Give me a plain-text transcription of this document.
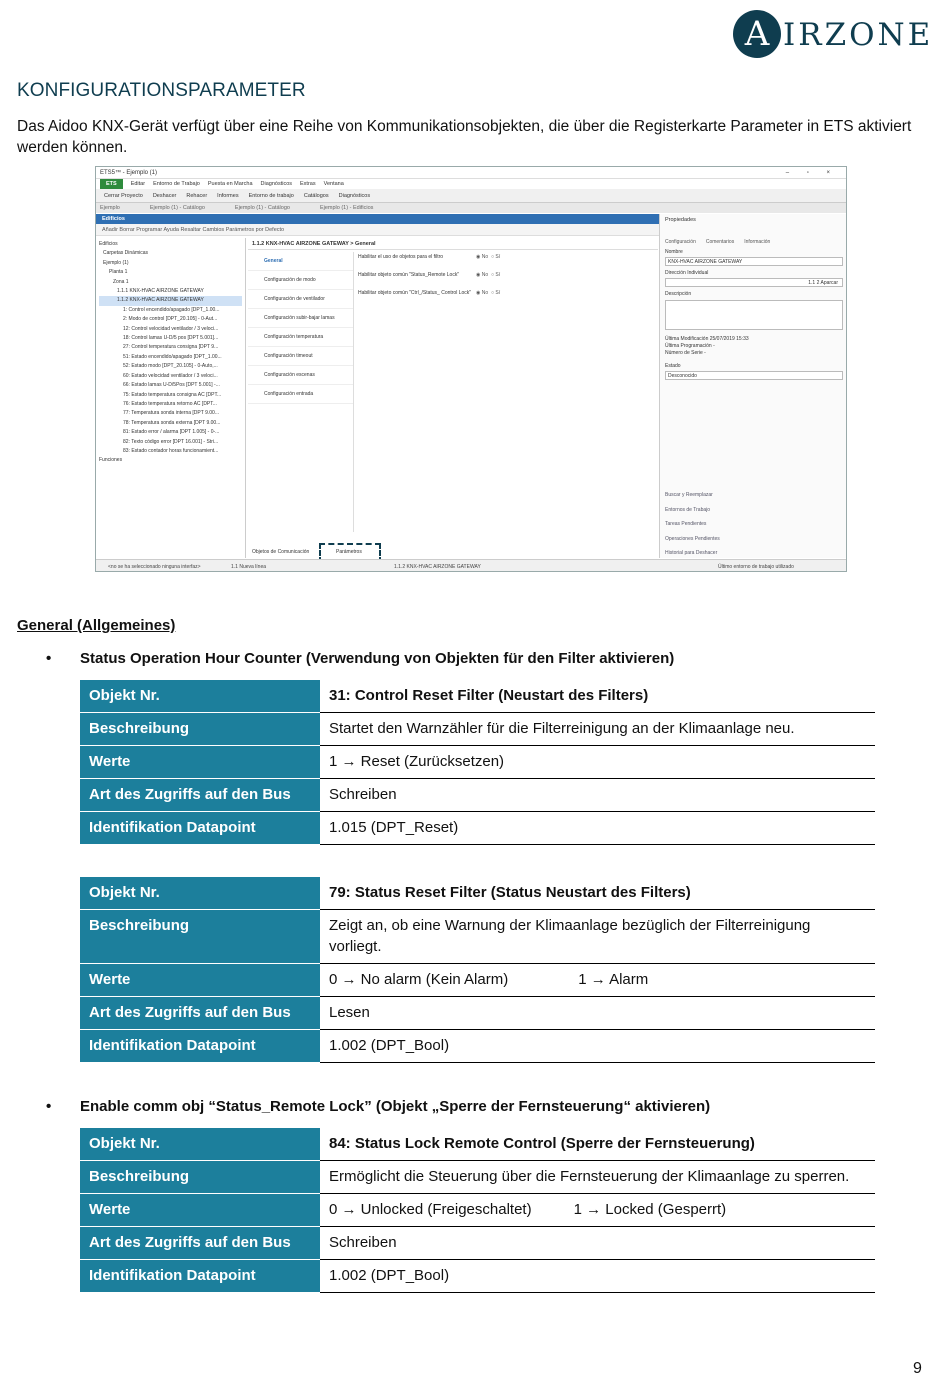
A IRZONE
KONFIGURATIONSPARAMETER
Das Aidoo KNX-Gerät verfügt über eine Reihe von Kommunikationsobjekten, die über die Registerkarte Parameter in ETS aktiviert werden können.
ETS5™ - Ejemplo (1)	– ▫ ×
ETS	Editar Entorno de Trabajo Puesta en Marcha Diagnósticos Extras Ventana
Cerrar Proyecto Deshacer Rehacer Informes Entorno de trabajo Catálogos Diagnósticos
Ejemplo	Ejemplo (1) - Catálogo	Ejemplo (1) - Catálogo	Ejemplo (1) - Edificios
Edificios
Añadir Borrar Programar Ayuda Resaltar Cambios Parámetros por Defecto
Edificios
Carpetas Dinámicas
Ejemplo (1)
Planta 1
Zona 1
1.1.1 KNX-HVAC AIRZONE GATEWAY
1.1.2 KNX-HVAC AIRZONE GATEWAY
1: Control encendido/apagado [DPT_1.00...
2: Modo de control [DPT_20.105] - 0-Aut...
12: Control velocidad ventilador / 3 veloci...
18: Control lamas U-D/5 pos [DPT 5.001]...
27: Control temperatura consigna [DPT 9...
51: Estado encendido/apagado [DPT_1.00...
52: Estado modo [DPT_20.105] - 0-Auto,...
60: Estado velocidad ventilador / 3 veloci...
66: Estado lamas U-D/5Pos [DPT 5.001] -...
75: Estado temperatura consigna AC [DPT...
76: Estado temperatura retorno AC [DPT...
77: Temperatura sonda interna [DPT 9.00...
78: Temperatura sonda externa [DPT 9.00...
81: Estado error / alarma [DPT 1.005] - 0-...
82: Texto código error [DPT 16.001] - Stri...
83: Estado contador horas funcionamient...
Funciones
1.1.2 KNX-HVAC AIRZONE GATEWAY > General
General
Configuración de modo
Configuración de ventilador
Configuración subir-bajar lamas
Configuración temperatura
Configuración timeout
Configuración escenas
Configuración entrada
Habilitar el uso de objetos para el filtro	◉ No  ○ Sí
Habilitar objeto común "Status_Remote Lock"	◉ No  ○ Sí
Habilitar objeto común "Ctrl_/Status_ Control Lock" ◉ No  ○ Sí
Objetos de Comunicación	Parámetros
Propiedades
Configuración Comentarios Información
Nombre
KNX-HVAC AIRZONE GATEWAY
Dirección Individual
1.1 2 Aparcar
Descripción
Última Modificación 25/07/2019 15:33
Última Programación -
Número de Serie -
Estado
Desconocido
Buscar y Reemplazar
Entornos de Trabajo
Tareas Pendientes
Operaciones Pendientes
Historial para Deshacer
<no se ha seleccionado ninguna interfaz>	1.1 Nueva línea	1.1.2 KNX-HVAC AIRZONE GATEWAY	Último entorno de trabajo utilizado
General (Allgemeines)
• Status Operation Hour Counter (Verwendung von Objekten für den Filter aktivieren)
Objekt Nr.	31: Control Reset Filter (Neustart des Filters)
Beschreibung	Startet den Warnzähler für die Filterreinigung an der Klimaanlage neu.
Werte	1 → Reset (Zurücksetzen)
Art des Zugriffs auf den Bus	Schreiben
Identifikation Datapoint	1.015 (DPT_Reset)
Objekt Nr.	79: Status Reset Filter (Status Neustart des Filters)
Beschreibung	Zeigt an, ob eine Warnung der Klimaanlage bezüglich der Filterreinigung vorliegt.
Werte	0 → No alarm (Kein Alarm) 1 → Alarm
Art des Zugriffs auf den Bus	Lesen
Identifikation Datapoint	1.002 (DPT_Bool)
• Enable comm obj “Status_Remote Lock” (Objekt „Sperre der Fernsteuerung“ aktivieren)
Objekt Nr.	84: Status Lock Remote Control (Sperre der Fernsteuerung)
Beschreibung	Ermöglicht die Steuerung über die Fernsteuerung der Klimaanlage zu sperren.
Werte	0 → Unlocked (Freigeschaltet) 1 → Locked (Gesperrt)
Art des Zugriffs auf den Bus	Schreiben
Identifikation Datapoint	1.002 (DPT_Bool)
9
